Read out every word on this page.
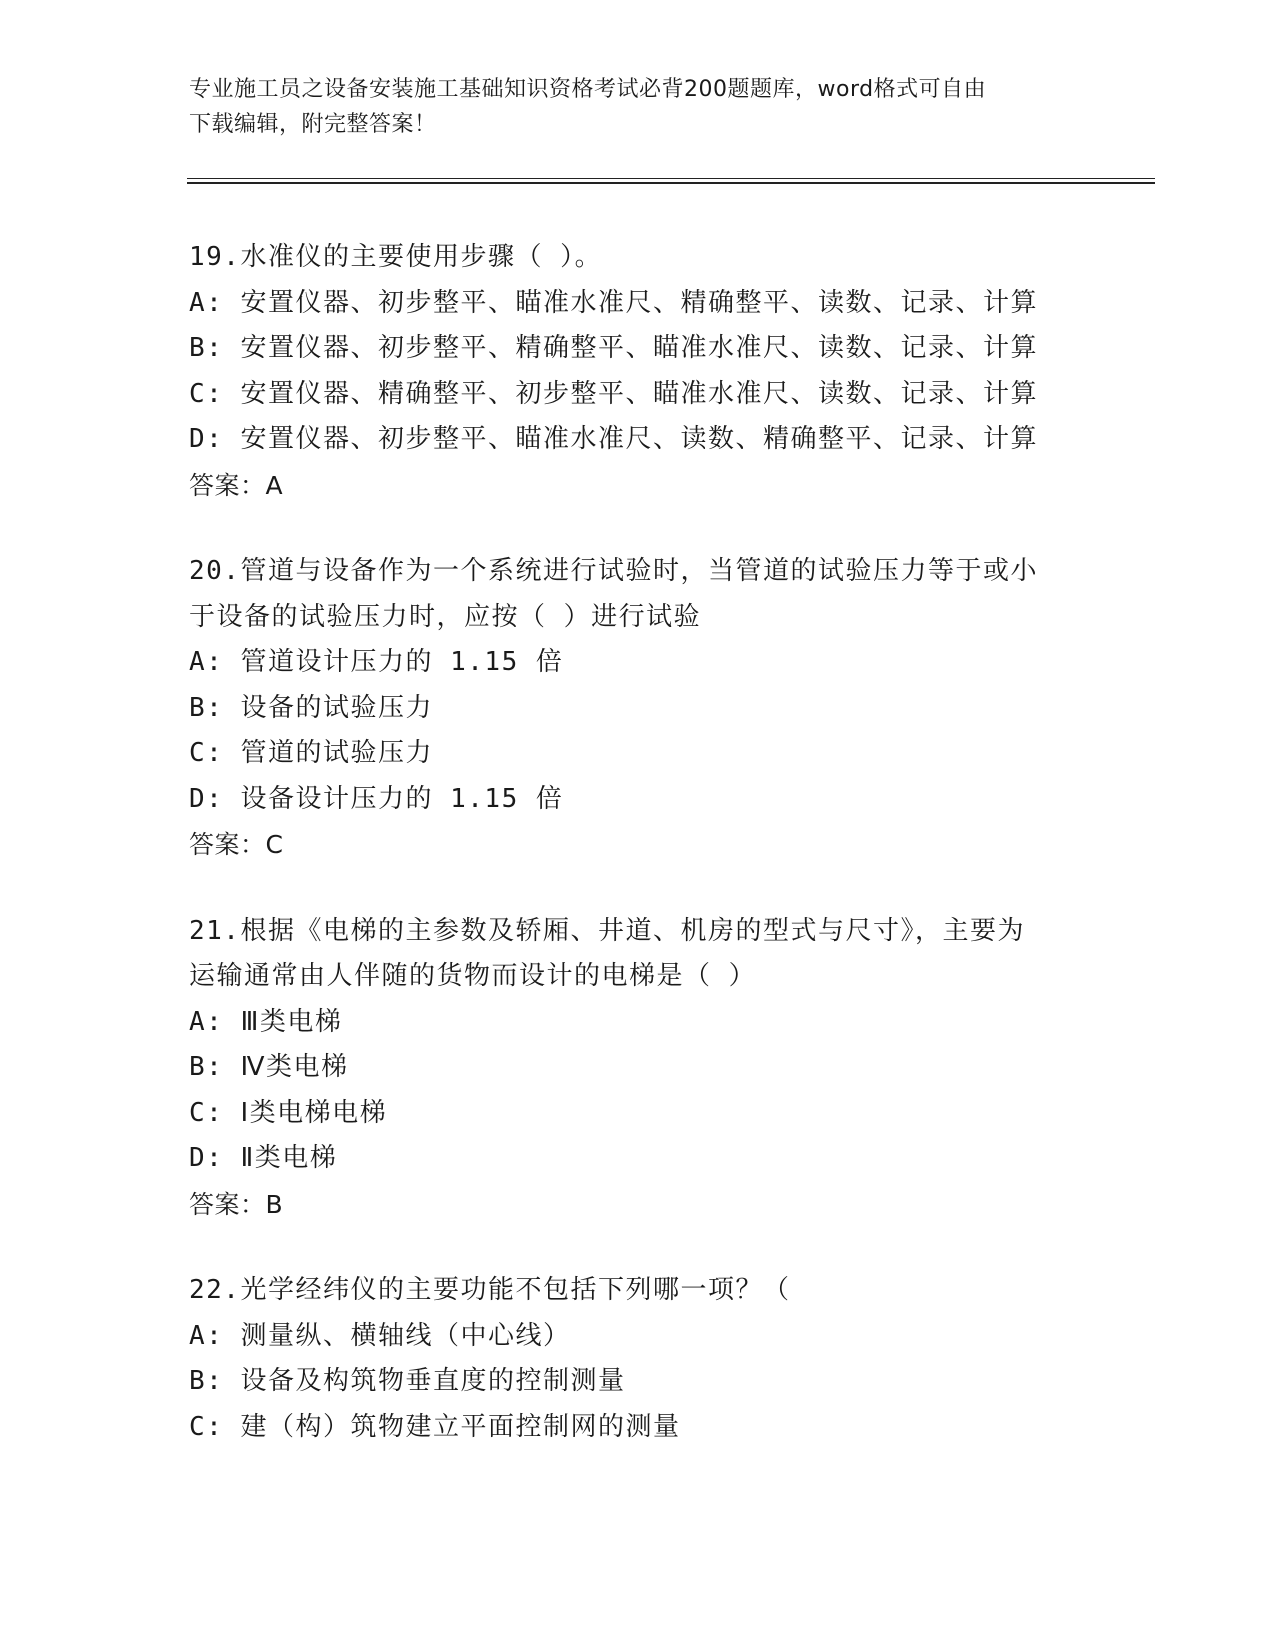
专业施工员之设备安装施工基础知识资格考试必背200题题库，word格式可自由
下载编辑，附完整答案！
19.水准仪的主要使用步骤（ ）。
A: 安置仪器、初步整平、瞄准水准尺、精确整平、读数、记录、计算
B: 安置仪器、初步整平、精确整平、瞄准水准尺、读数、记录、计算
C: 安置仪器、精确整平、初步整平、瞄准水准尺、读数、记录、计算
D: 安置仪器、初步整平、瞄准水准尺、读数、精确整平、记录、计算
答案：A
20.管道与设备作为一个系统进行试验时，当管道的试验压力等于或小
于设备的试验压力时，应按（ ）进行试验
A: 管道设计压力的 1.15 倍
B: 设备的试验压力
C: 管道的试验压力
D: 设备设计压力的 1.15 倍
答案：C
21.根据《电梯的主参数及轿厢、井道、机房的型式与尺寸》，主要为
运输通常由人伴随的货物而设计的电梯是（ ）
A: Ⅲ类电梯
B: Ⅳ类电梯
C: Ⅰ类电梯电梯
D: Ⅱ类电梯
答案：B
22.光学经纬仪的主要功能不包括下列哪一项？（
A: 测量纵、横轴线（中心线）
B: 设备及构筑物垂直度的控制测量
C: 建（构）筑物建立平面控制网的测量
